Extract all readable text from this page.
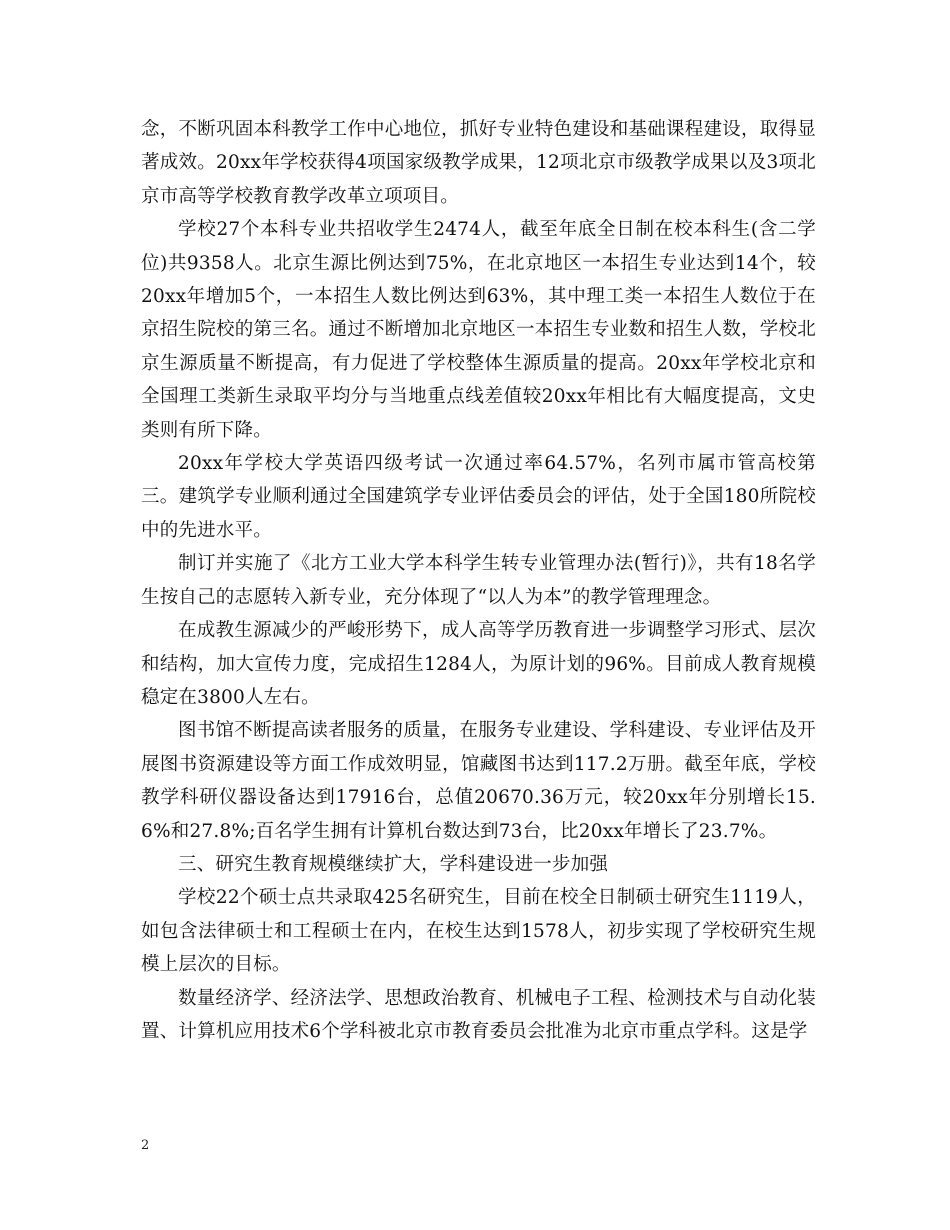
念，不断巩固本科教学工作中心地位，抓好专业特色建设和基础课程建设，取得显著成效。20xx年学校获得4项国家级教学成果，12项北京市级教学成果以及3项北京市高等学校教育教学改革立项项目。

学校27个本科专业共招收学生2474人，截至年底全日制在校本科生(含二学位)共9358人。北京生源比例达到75%，在北京地区一本招生专业达到14个，较20xx年增加5个，一本招生人数比例达到63%，其中理工类一本招生人数位于在京招生院校的第三名。通过不断增加北京地区一本招生专业数和招生人数，学校北京生源质量不断提高，有力促进了学校整体生源质量的提高。20xx年学校北京和全国理工类新生录取平均分与当地重点线差值较20xx年相比有大幅度提高，文史类则有所下降。

20xx年学校大学英语四级考试一次通过率64.57%，名列市属市管高校第三。建筑学专业顺利通过全国建筑学专业评估委员会的评估，处于全国180所院校中的先进水平。

制订并实施了《北方工业大学本科学生转专业管理办法(暂行)》，共有18名学生按自己的志愿转入新专业，充分体现了“以人为本”的教学管理理念。

在成教生源减少的严峻形势下，成人高等学历教育进一步调整学习形式、层次和结构，加大宣传力度，完成招生1284人，为原计划的96%。目前成人教育规模稳定在3800人左右。

图书馆不断提高读者服务的质量，在服务专业建设、学科建设、专业评估及开展图书资源建设等方面工作成效明显，馆藏图书达到117.2万册。截至年底，学校教学科研仪器设备达到17916台，总值20670.36万元，较20xx年分别增长15.6%和27.8%;百名学生拥有计算机台数达到73台，比20xx年增长了23.7%。

三、研究生教育规模继续扩大，学科建设进一步加强

学校22个硕士点共录取425名研究生，目前在校全日制硕士研究生1119人，如包含法律硕士和工程硕士在内，在校生达到1578人，初步实现了学校研究生规模上层次的目标。

数量经济学、经济法学、思想政治教育、机械电子工程、检测技术与自动化装置、计算机应用技术6个学科被北京市教育委员会批准为北京市重点学科。这是学

2
